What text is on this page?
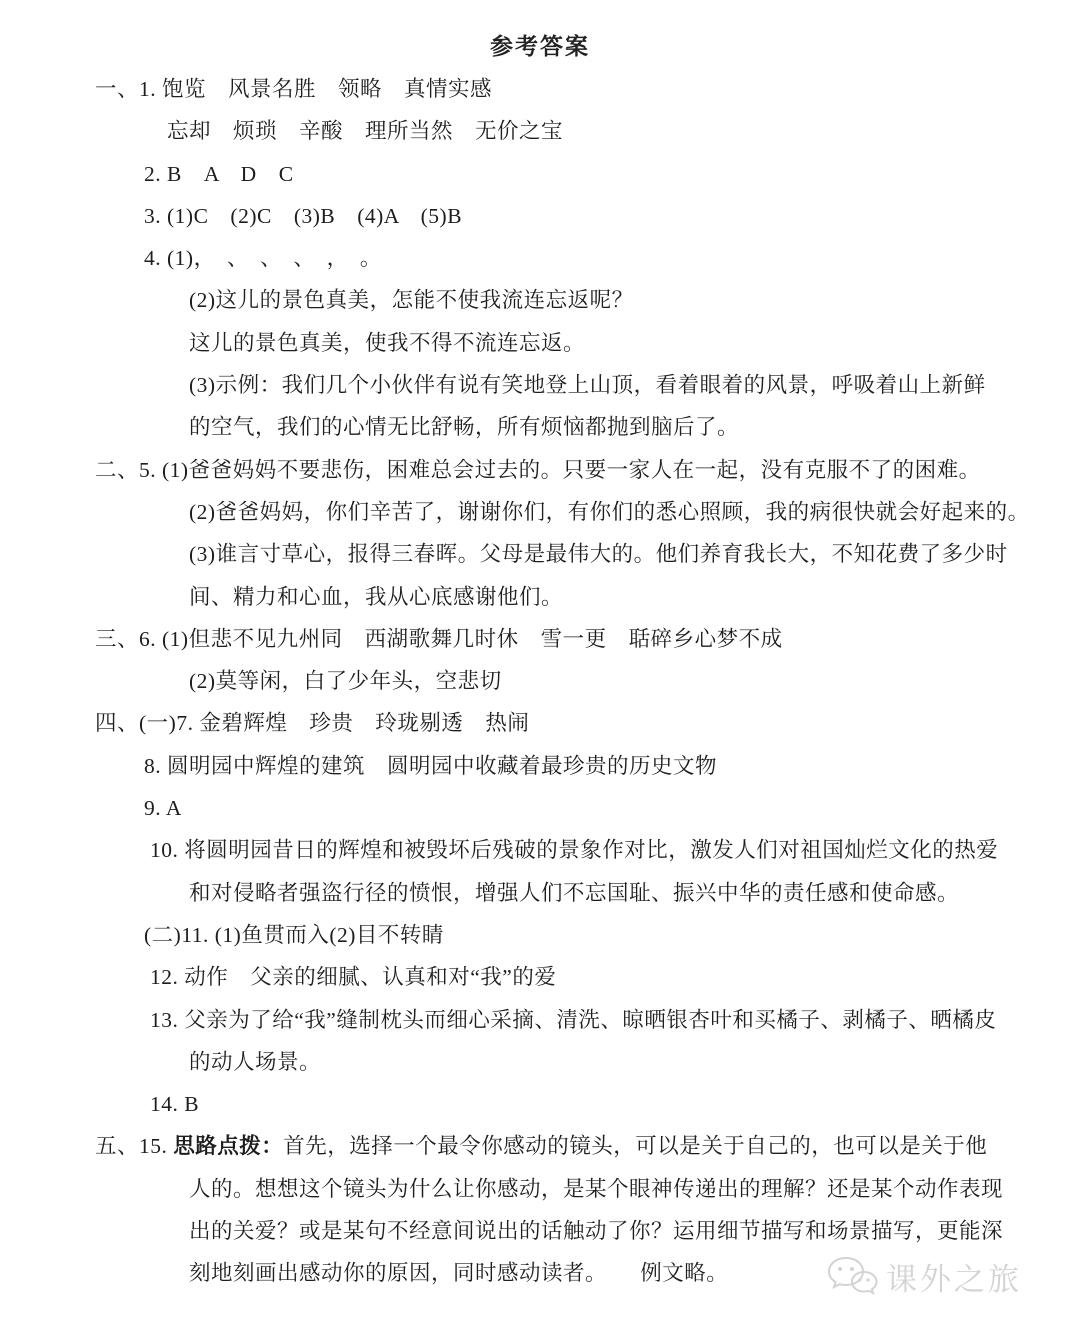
参考答案
一、1. 饱览　风景名胜　领略　真情实感
忘却　烦琐　辛酸　理所当然　无价之宝
2. B　A　D　C
3. (1)C　(2)C　(3)B　(4)A　(5)B
4. (1)，　、　、　、　，　。
(2)这儿的景色真美，怎能不使我流连忘返呢？
这儿的景色真美，使我不得不流连忘返。
(3)示例：我们几个小伙伴有说有笑地登上山顶，看着眼着的风景，呼吸着山上新鲜
的空气，我们的心情无比舒畅，所有烦恼都抛到脑后了。
二、5. (1)爸爸妈妈不要悲伤，困难总会过去的。只要一家人在一起，没有克服不了的困难。
(2)爸爸妈妈，你们辛苦了，谢谢你们，有你们的悉心照顾，我的病很快就会好起来的。
(3)谁言寸草心，报得三春晖。父母是最伟大的。他们养育我长大，不知花费了多少时
间、精力和心血，我从心底感谢他们。
三、6. (1)但悲不见九州同　西湖歌舞几时休　雪一更　聒碎乡心梦不成
(2)莫等闲，白了少年头，空悲切
四、(一)7. 金碧辉煌　珍贵　玲珑剔透　热闹
8. 圆明园中辉煌的建筑　圆明园中收藏着最珍贵的历史文物
9. A
10. 将圆明园昔日的辉煌和被毁坏后残破的景象作对比，激发人们对祖国灿烂文化的热爱
和对侵略者强盗行径的愤恨，增强人们不忘国耻、振兴中华的责任感和使命感。
(二)11. (1)鱼贯而入(2)目不转睛
12. 动作　父亲的细腻、认真和对“我”的爱
13. 父亲为了给“我”缝制枕头而细心采摘、清洗、晾晒银杏叶和买橘子、剥橘子、晒橘皮
的动人场景。
14. B
五、15. 思路点拨：首先，选择一个最令你感动的镜头，可以是关于自己的，也可以是关于他
人的。想想这个镜头为什么让你感动，是某个眼神传递出的理解？还是某个动作表现
出的关爱？或是某句不经意间说出的话触动了你？运用细节描写和场景描写，更能深
刻地刻画出感动你的原因，同时感动读者。　　例文略。	课外之旅
